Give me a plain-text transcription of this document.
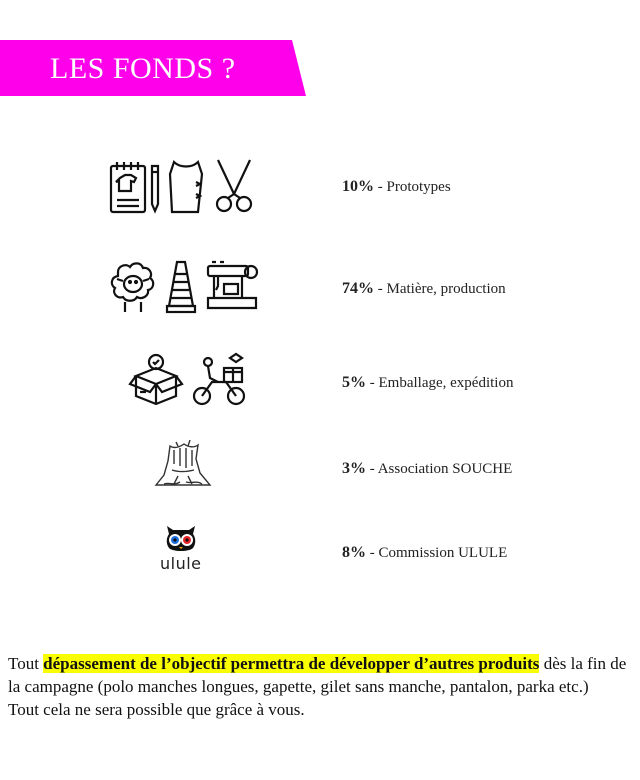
LES FONDS ?
10% - Prototypes
74% - Matière, production
5% - Emballage, expédition
3% - Association SOUCHE
ulule
8% - Commission ULULE
Tout dépassement de l’objectif permettra de développer d’autres produits dès la fin de la campagne (polo manches longues, gapette, gilet sans manche, pantalon, parka etc.)
Tout cela ne sera possible que grâce à vous.
